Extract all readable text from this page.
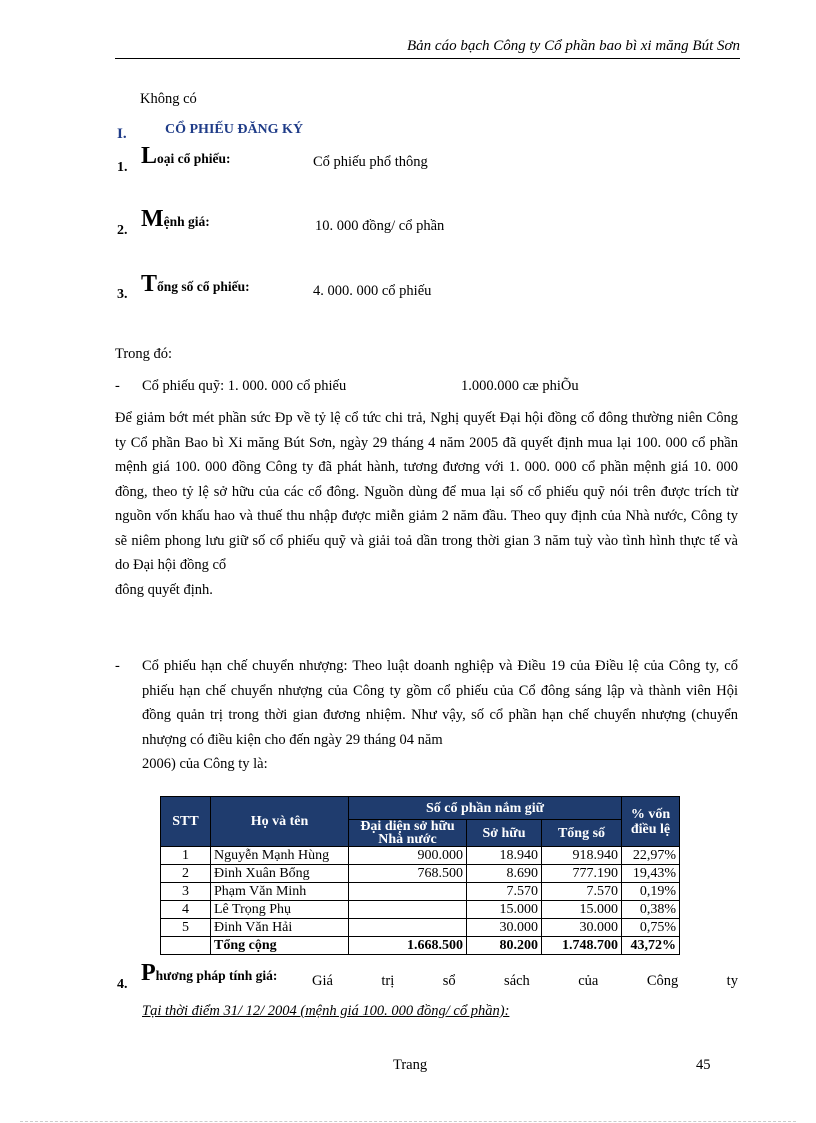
Bản cáo bạch Công ty Cổ phần bao bì xi măng Bút Sơn
Không có
I.	CỔ PHIẾU ĐĂNG KÝ
1. Loại cổ phiếu:	Cổ phiếu phổ thông
2. Mệnh giá:	10. 000 đồng/ cổ phần
3. Tổng số cổ phiếu:	4. 000. 000 cổ phiếu
Trong đó:
- Cổ phiếu quỹ: 1. 000. 000 cổ phiếu	1.000.000 cæ phiÕu
Để giảm bớt mét phần sức Ðp về tỷ lệ cổ tức chi trả, Nghị quyết Đại hội đồng cổ đông thường niên Công ty Cổ phần Bao bì Xi măng Bút Sơn, ngày 29 tháng 4 năm 2005 đã quyết định mua lại 100. 000 cổ phần mệnh giá 100. 000 đồng Công ty đã phát hành, tương đương với 1. 000. 000 cổ phần mệnh giá 10. 000 đồng, theo tỷ lệ sở hữu của các cổ đông. Nguồn dùng để mua lại số cổ phiếu quỹ nói trên được trích từ nguồn vốn khấu hao và thuế thu nhập được miễn giảm 2 năm đầu. Theo quy định của Nhà nước, Công ty sẽ niêm phong lưu giữ số cổ phiếu quỹ và giải toả dần trong thời gian 3 năm tuỳ vào tình hình thực tế và do Đại hội đồng cổ
đông quyết định.
- Cổ phiếu hạn chế chuyển nhượng: Theo luật doanh nghiệp và Điều 19 của Điều lệ của Công ty, cổ phiếu hạn chế chuyển nhượng của Công ty gồm cổ phiếu của Cổ đông sáng lập và thành viên Hội đồng quản trị trong thời gian đương nhiệm. Như vậy, số cổ phần hạn chế chuyển nhượng (chuyển nhượng có điều kiện cho đến ngày 29 tháng 04 năm
2006) của Công ty là:
STT	Họ và tên	Số cổ phần nắm giữ			% vốn điều lệ
		Đại diện sở hữu Nhà nước	Sở hữu	Tổng số	
1	Nguyễn Mạnh Hùng	900.000	18.940	918.940	22,97%
2	Đinh Xuân Bổng	768.500	8.690	777.190	19,43%
3	Phạm Văn Minh		7.570	7.570	0,19%
4	Lê Trọng Phụ		15.000	15.000	0,38%
5	Đinh Văn Hải		30.000	30.000	0,75%
	Tổng cộng	1.668.500	80.200	1.748.700	43,72%
4. Phương pháp tính giá: Giá	trị	sổ	sách	của	Công	ty
Tại thời điểm 31/ 12/ 2004 (mệnh giá 100. 000 đồng/ cổ phần):
Trang	45
